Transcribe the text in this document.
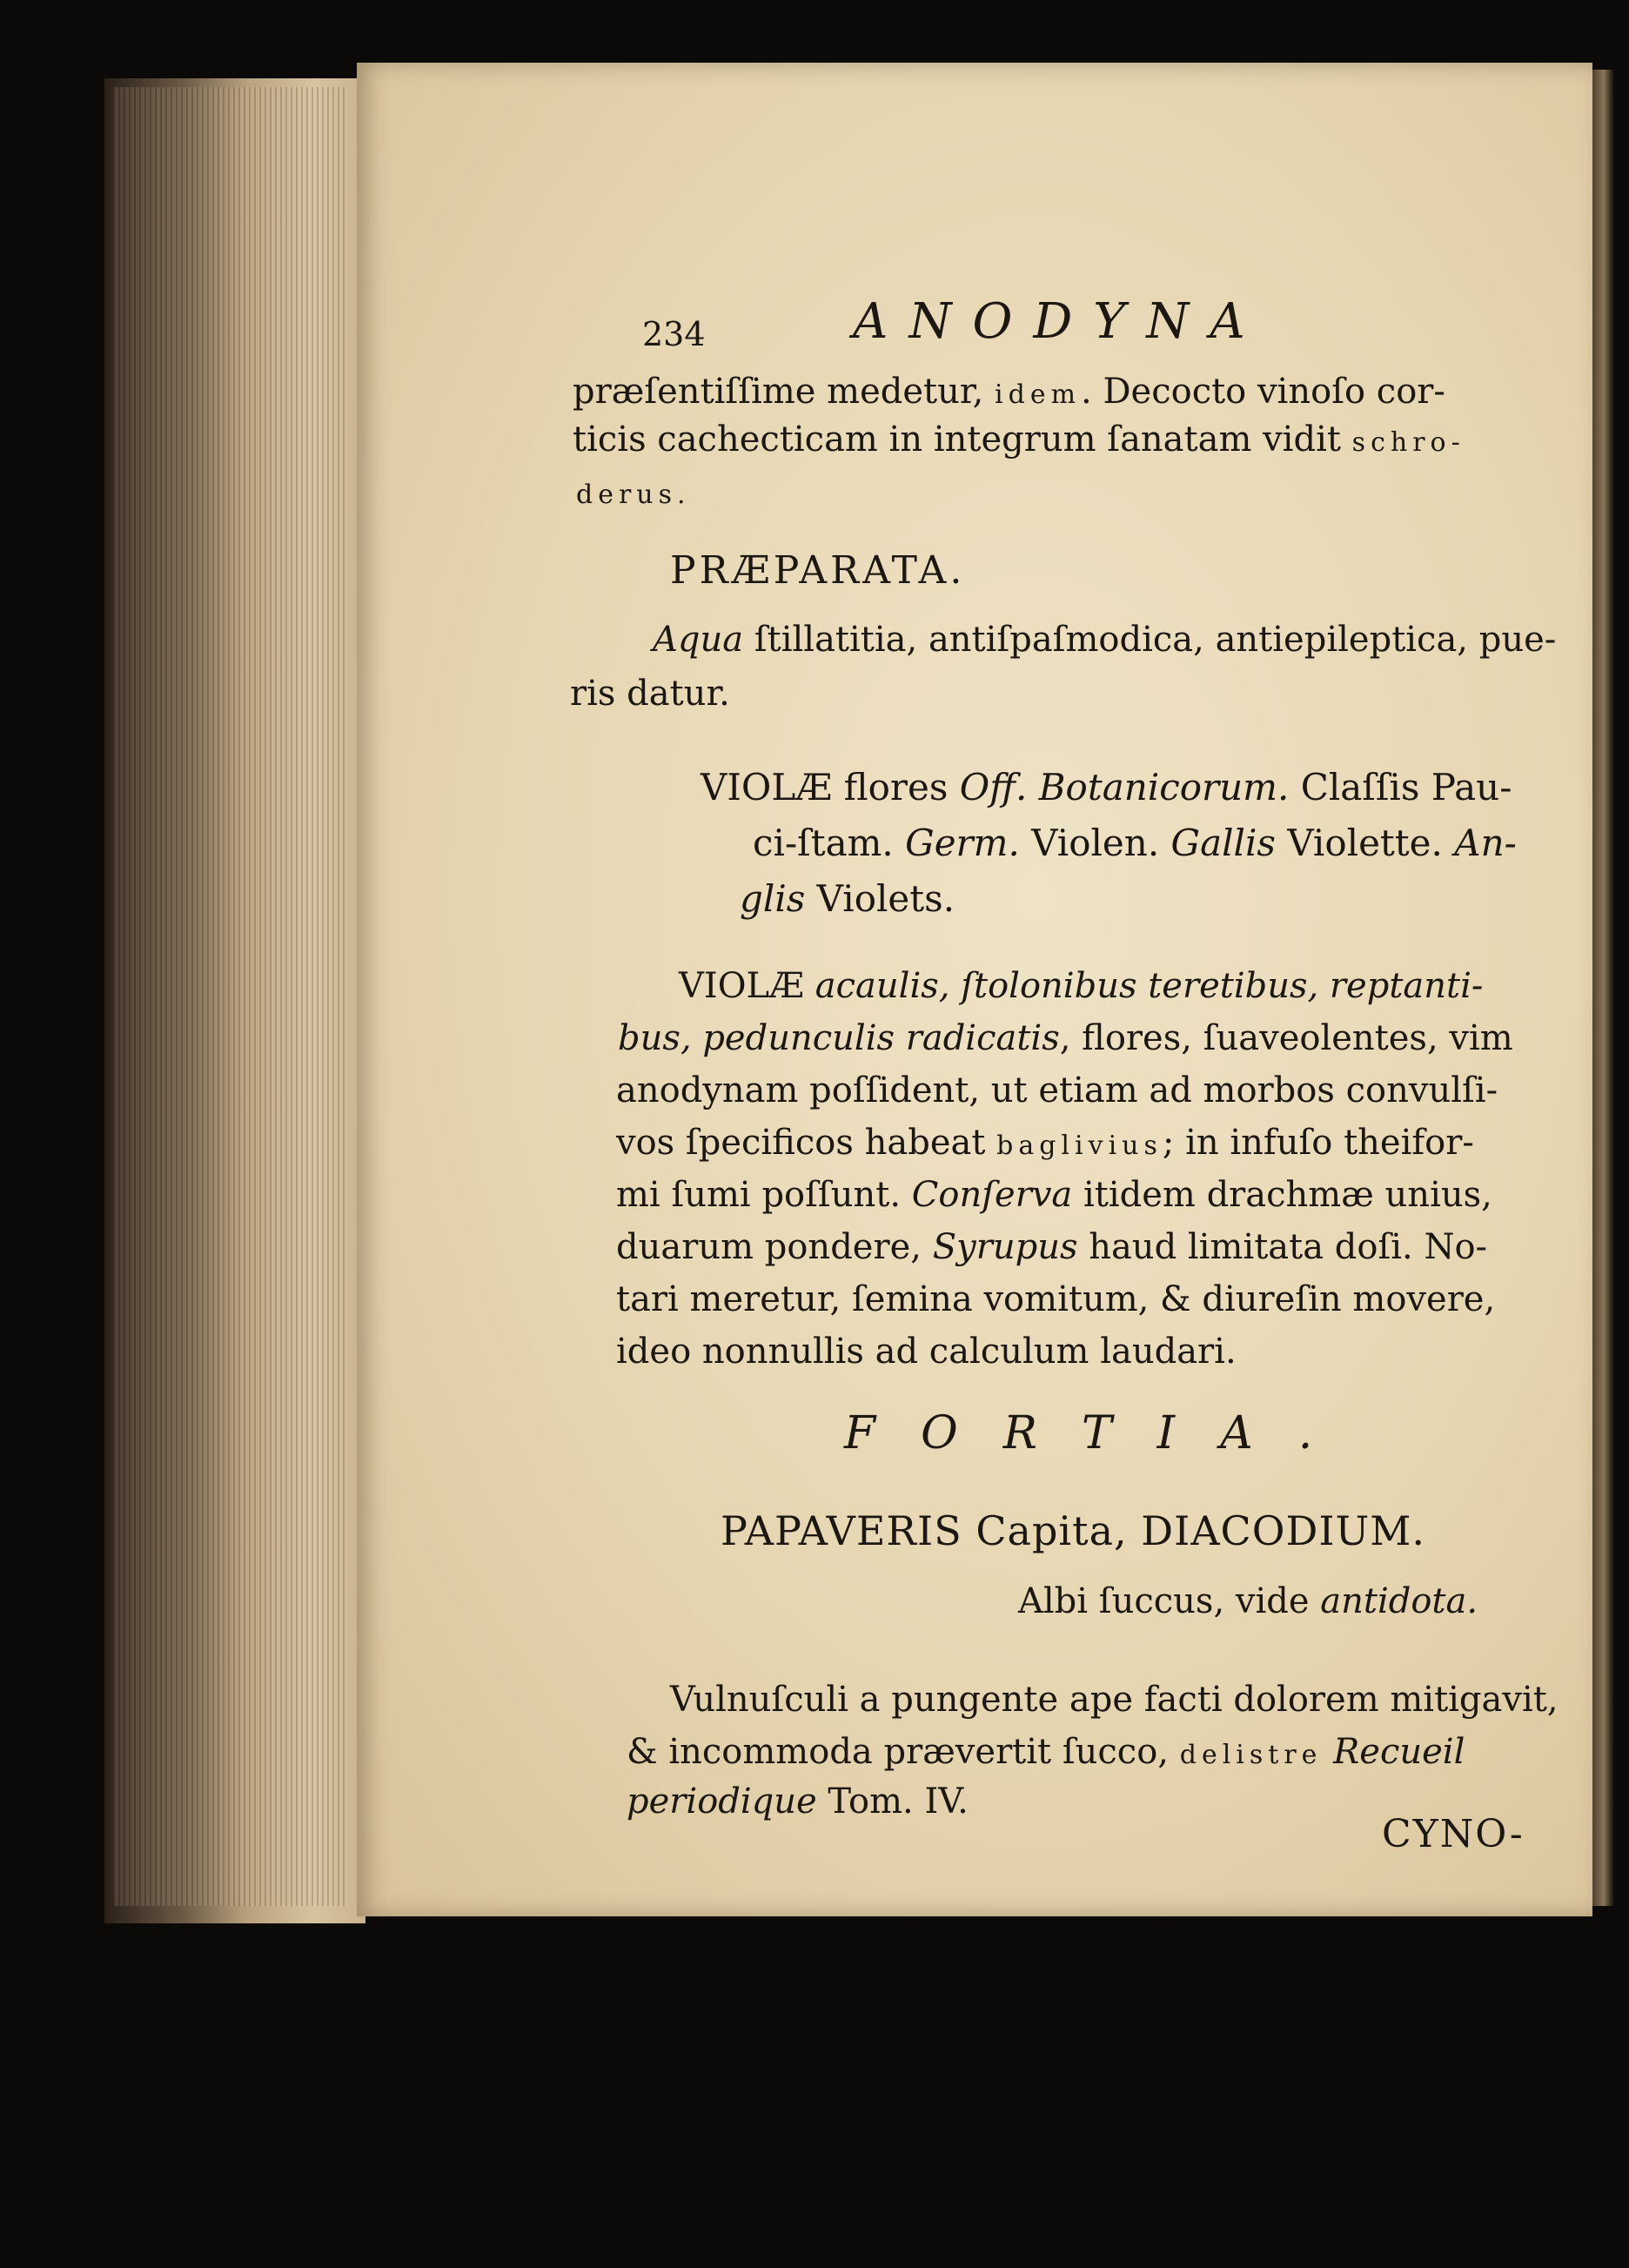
234	ANODYNA
præſentiſſime medetur, idem. Decocto vinoſo cor-
ticis cachecticam in integrum ſanatam vidit schro-
derus.
PRÆPARATA.
Aqua ſtillatitia, antiſpaſmodica, antiepileptica, pue-
ris datur.
VIOLÆ flores Off. Botanicorum. Claſſis Pau-
ci-ſtam. Germ. Violen. Gallis Violette. An-
glis Violets.
VIOLÆ acaulis, ſtolonibus teretibus, reptanti-
bus, pedunculis radicatis, flores, ſuaveolentes, vim
anodynam poſſident, ut etiam ad morbos convulſi-
vos ſpecificos habeat baglivius; in infuſo theifor-
mi ſumi poſſunt. Conſerva itidem drachmæ unius,
duarum pondere, Syrupus haud limitata doſi. No-
tari meretur, ſemina vomitum, & diureſin movere,
ideo nonnullis ad calculum laudari.
FORTIA.
PAPAVERIS Capita, DIACODIUM.
Albi ſuccus, vide antidota.
Vulnuſculi a pungente ape facti dolorem mitigavit,
& incommoda prævertit ſucco, delistre Recueil
periodique Tom. IV.
CYNO-
